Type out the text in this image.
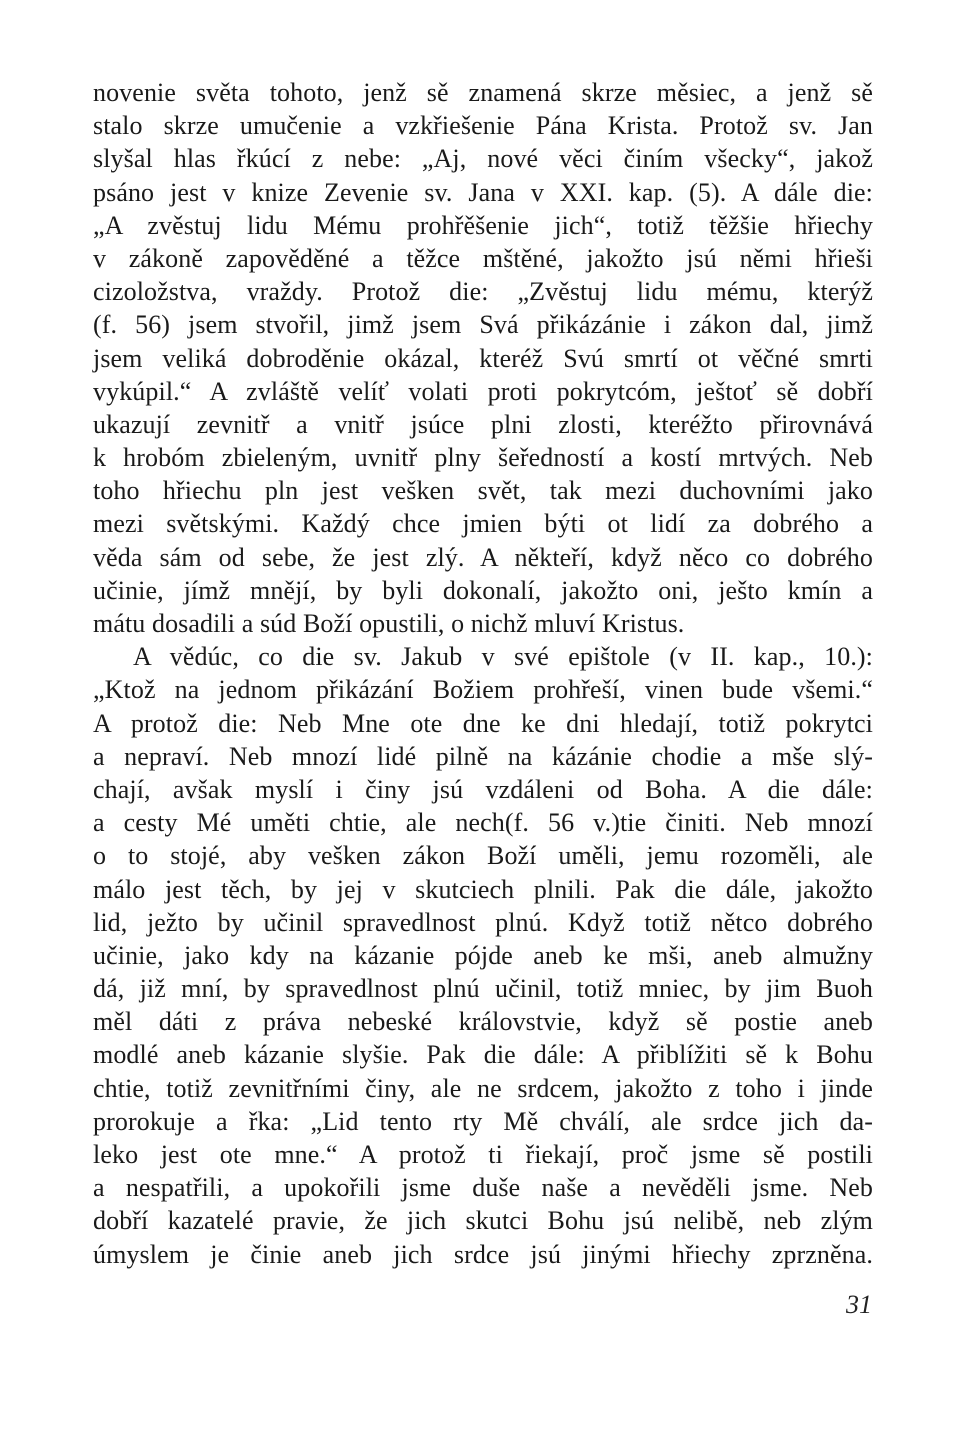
novenie světa tohoto, jenž sě znamená skrze měsiec, a jenž sě
stalo skrze umučenie a vzkřiešenie Pána Krista. Protož sv. Jan
slyšal hlas řkúcí z nebe: „Aj, nové věci činím všecky“, jakož
psáno jest v knize Zevenie sv. Jana v XXI. kap. (5). A dále die:
„A zvěstuj lidu Mému prohřěšenie jich“, totiž těžšie hřiechy
v zákoně zapověděné a těžce mštěné, jakožto jsú němi hřieši
cizoložstva, vraždy. Protož die: „Zvěstuj lidu mému, kterýž
(f. 56) jsem stvořil, jimž jsem Svá přikázánie i zákon dal, jimž
jsem veliká dobroděnie okázal, kteréž Svú smrtí ot věčné smrti
vykúpil.“ A zvláště velíť volati proti pokrytcóm, ještoť sě dobří
ukazují zevnitř a vnitř jsúce plni zlosti, kteréžto přirovnává
k hrobóm zbieleným, uvnitř plny šeředností a kostí mrtvých. Neb
toho hřiechu pln jest vešken svět, tak mezi duchovními jako
mezi světskými. Každý chce jmien býti ot lidí za dobrého a
věda sám od sebe, že jest zlý. A někteří, když něco co dobrého
učinie, jímž mnějí, by byli dokonalí, jakožto oni, ješto kmín a
mátu dosadili a súd Boží opustili, o nichž mluví Kristus.
A vědúc, co die sv. Jakub v své epištole (v II. kap., 10.):
„Ktož na jednom přikázání Božiem prohřeší, vinen bude všemi.“
A protož die: Neb Mne ote dne ke dni hledají, totiž pokrytci
a nepraví. Neb mnozí lidé pilně na kázánie chodie a mše slý-
chají, avšak myslí i činy jsú vzdáleni od Boha. A die dále:
a cesty Mé uměti chtie, ale nech(f. 56 v.)tie činiti. Neb mnozí
o to stojé, aby vešken zákon Boží uměli, jemu rozoměli, ale
málo jest těch, by jej v skutciech plnili. Pak die dále, jakožto
lid, ježto by učinil spravedlnost plnú. Když totiž nětco dobrého
učinie, jako kdy na kázanie pójde aneb ke mši, aneb almužny
dá, již mní, by spravedlnost plnú učinil, totiž mniec, by jim Buoh
měl dáti z práva nebeské královstvie, když sě postie aneb
modlé aneb kázanie slyšie. Pak die dále: A přiblížiti sě k Bohu
chtie, totiž zevnitřními činy, ale ne srdcem, jakožto z toho i jinde
prorokuje a řka: „Lid tento rty Mě chválí, ale srdce jich da-
leko jest ote mne.“ A protož ti řiekají, proč jsme sě postili
a nespatřili, a upokořili jsme duše naše a nevěděli jsme. Neb
dobří kazatelé pravie, že jich skutci Bohu jsú nelibě, neb zlým
úmyslem je činie aneb jich srdce jsú jinými hřiechy zprzněna.
31
